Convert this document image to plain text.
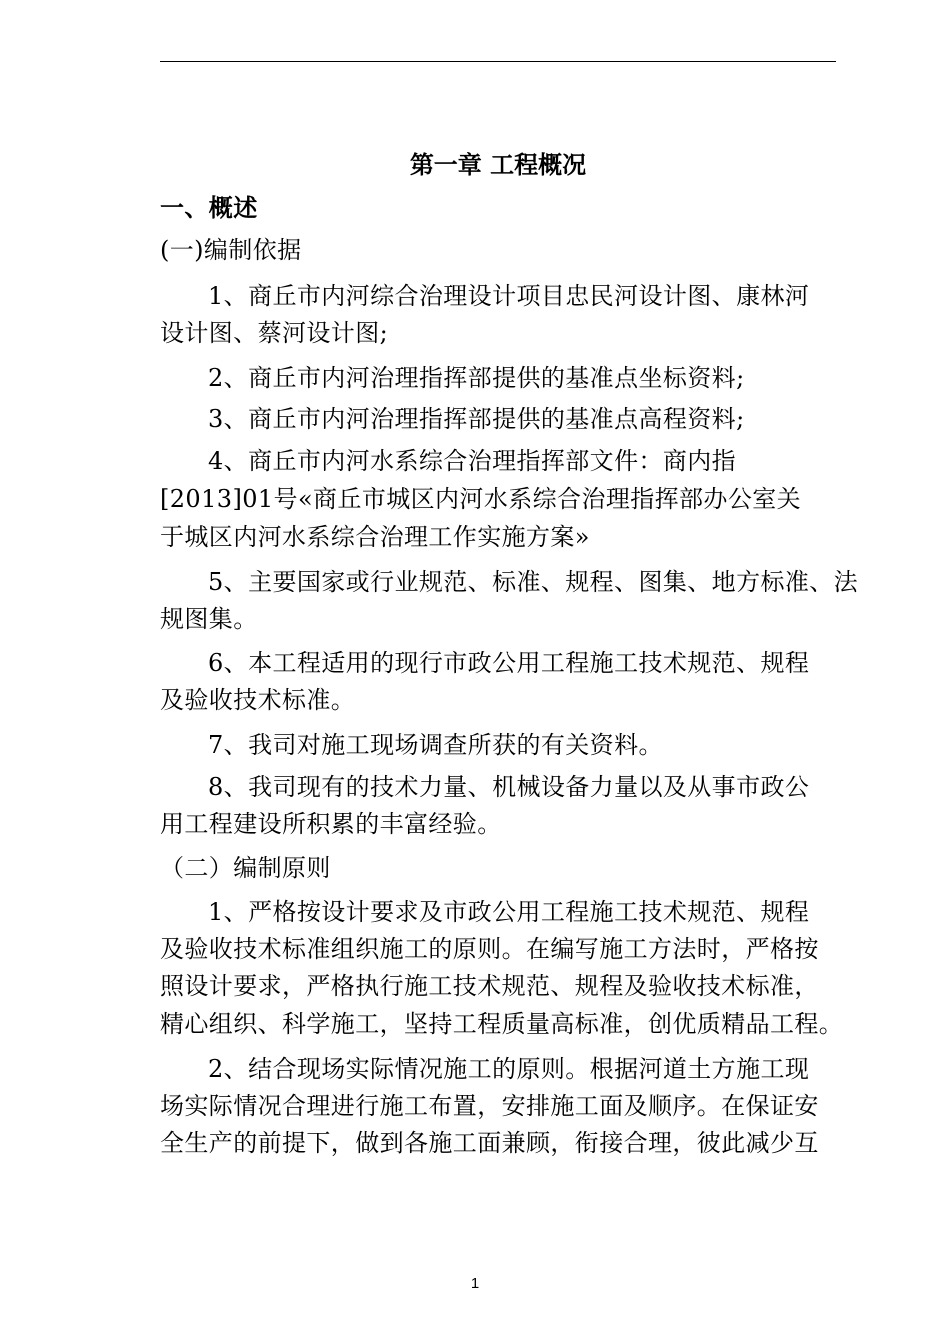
第一章 工程概况
一、概述
(一)编制依据
1、商丘市内河综合治理设计项目忠民河设计图、康林河
设计图、蔡河设计图;
2、商丘市内河治理指挥部提供的基准点坐标资料;
3、商丘市内河治理指挥部提供的基准点高程资料;
4、商丘市内河水系综合治理指挥部文件：商内指
[2013]01号«商丘市城区内河水系综合治理指挥部办公室关
于城区内河水系综合治理工作实施方案»
5、主要国家或行业规范、标准、规程、图集、地方标准、法
规图集。
6、本工程适用的现行市政公用工程施工技术规范、规程
及验收技术标准。
7、我司对施工现场调查所获的有关资料。
8、我司现有的技术力量、机械设备力量以及从事市政公
用工程建设所积累的丰富经验。
（二）编制原则
1、严格按设计要求及市政公用工程施工技术规范、规程
及验收技术标准组织施工的原则。在编写施工方法时，严格按
照设计要求，严格执行施工技术规范、规程及验收技术标准，
精心组织、科学施工，坚持工程质量高标准，创优质精品工程。
2、结合现场实际情况施工的原则。根据河道土方施工现
场实际情况合理进行施工布置，安排施工面及顺序。在保证安
全生产的前提下，做到各施工面兼顾，衔接合理，彼此减少互
1
